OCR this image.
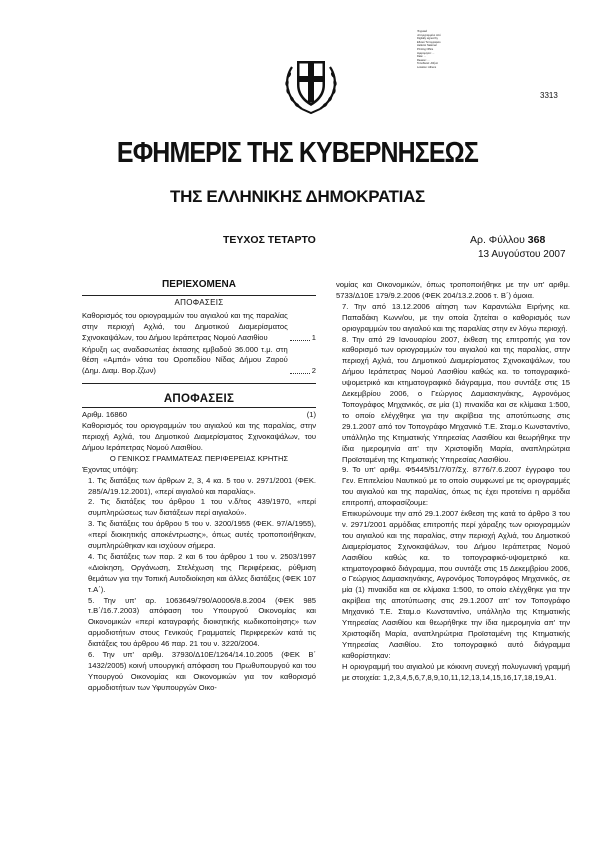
Ψηφιακά
υπογεγραμμένο από
Digitally signed by
Εθνικό Τυπογραφείο
Hellenic National
Printing Office
Ημερομηνία: ...
Date: ...
Reason: ...
Τοποθεσία: Αθήνα
Location: Athens
3313
ΕΦΗΜΕΡΙΣ ΤΗΣ ΚΥΒΕΡΝΗΣΕΩΣ
ΤΗΣ ΕΛΛΗΝΙΚΗΣ ΔΗΜΟΚΡΑΤΙΑΣ
ΤΕΥΧΟΣ ΤΕΤΑΡΤΟ	Αρ. Φύλλου 368
13 Αυγούστου 2007
ΠΕΡΙΕΧΟΜΕΝΑ
ΑΠΟΦΑΣΕΙΣ
Καθορισμός του οριογραμμών του αιγιαλού και της παραλίας στην περιοχή Αχλιά, του Δημοτικού Διαμερίσματος Σχινοκαψάλων, του Δήμου Ιεράπετρας Νομού Λασιθίου	1
Κήρυξη ως αναδασωτέας έκτασης εμβαδού 36.000 τ.μ. στη θέση «Αμπά» νότια του Οροπεδίου Νίδας Δήμου Ζαρού (Δημ. Διαμ. Βορ.ζζων)	2
ΑΠΟΦΑΣΕΙΣ
Αριθμ. 16860	(1)

Καθορισμός του οριογραμμών του αιγιαλού και της παραλίας, στην περιοχή Αχλιά, του Δημοτικού Διαμερίσματος Σχινοκαψάλων, του Δήμου Ιεράπετρας Νομού Λασιθίου.

Ο ΓΕΝΙΚΟΣ ΓΡΑΜΜΑΤΕΑΣ ΠΕΡΙΦΕΡΕΙΑΣ ΚΡΗΤΗΣ

Έχοντας υπόψη:

1. Τις διατάξεις των άρθρων 2, 3, 4 κα. 5 του ν. 2971/2001 (ΦΕΚ. 285/Α/19.12.2001), «περί αιγιαλού και παραλίας».

2. Τις διατάξεις του άρθρου 1 του ν.δ/τος 439/1970, «περί συμπληρώσεως των διατάξεων περί αιγιαλού».

3. Τις διατάξεις του άρθρου 5 του ν. 3200/1955 (ΦΕΚ. 97/Α/1955), «περί διοικητικής αποκέντρωσης», όπως αυτές τροποποιήθηκαν, συμπληρώθηκαν και ισχύουν σήμερα.

4. Τις διατάξεις των παρ. 2 και 6 του άρθρου 1 του ν. 2503/1997 «Διοίκηση, Οργάνωση, Στελέχωση της Περιφέρειας, ρύθμιση θεμάτων για την Τοπική Αυτοδιοίκηση και άλλες διατάξεις (ΦΕΚ 107 τ.Α΄).

5. Την υπ' αρ. 1063649/790/Α0006/8.8.2004 (ΦΕΚ 985 τ.Β΄/16.7.2003) απόφαση του Υπουργού Οικονομίας και Οικονομικών «περί καταγραφής διοικητικής κωδικοποίησης» των αρμοδιοτήτων στους Γενικούς Γραμματείς Περιφερειών κατά τις διατάξεις του άρθρου 46 παρ. 21 του ν. 3220/2004.

6. Την υπ' αριθμ. 37930/Δ10Ε/1264/14.10.2005 (ΦΕΚ Β΄ 1432/2005) κοινή υπουργική απόφαση του Πρωθυπουργού και του Υπουργού Οικονομίας και Οικονομικών για τον καθορισμό αρμοδιοτήτων των Υφυπουργών Οικο-

νομίας και Οικονομικών, όπως τροποποιήθηκε με την υπ' αριθμ. 5733/Δ10Ε 179/9.2.2006 (ΦΕΚ 204/13.2.2006 τ. Β΄) όμοια.

7. Την από 13.12.2006 αίτηση των Καραντώλα Ειρήνης κα. Παπαδάκη Κωνν/ου, με την οποία ζητείται ο καθορισμός των οριογραμμών του αιγιαλού και της παραλίας στην εν λόγω περιοχή.

8. Την από 29 Ιανουαρίου 2007, έκθεση της επιτροπής για τον καθορισμό των οριογραμμών του αιγιαλού και της παραλίας, στην περιοχή Αχλιά, του Δημοτικού Διαμερίσματος Σχινοκαψάλων, του Δήμου Ιεράπετρας Νομού Λασιθίου καθώς κα. το τοπογραφικό-υψομετρικό και κτηματογραφικό διάγραμμα, που συντάξε στις 15 Δεκεμβρίου 2006, ο Γεώργιος Δαμασκηνάκης, Αγρονόμος Τοπογράφος Μηχανικός, σε μία (1) πινακίδα και σε κλίμακα 1:500, το οποίο ελέγχθηκε για την ακρίβεια της αποτύπωσης στις 29.1.2007 από τον Τοπογράφο Μηχανικό Τ.Ε. Σταμ.ο Κωνσταντίνο, υπάλληλο της Κτηματικής Υπηρεσίας Λασιθίου και θεωρήθηκε την ίδια ημερομηνία απ' την Χριστοφίδη Μαρία, αναπληρώτρια Προϊσταμένη της Κτηματικής Υπηρεσίας Λασιθίου.

9. Το υπ' αριθμ. Φ5445/51/7/07/Σχ. 8776/7.6.2007 έγγραφο του Γεν. Επιτελείου Ναυτικού με το οποίο συμφωνεί με τις οριογραμμές του αιγιαλού και της παραλίας, όπως τις έχει προτείνει η αρμόδια επιτροπή, αποφασίζουμε:

Επικυρώνουμε την από 29.1.2007 έκθεση της κατά το άρθρο 3 του ν. 2971/2001 αρμόδιας επιτροπής περί χάραξης των οριογραμμών του αιγιαλού και της παραλίας, στην περιοχή Αχλιά, του Δημοτικού Διαμερίσματος Σχινοκαψάλων, του Δήμου Ιεράπετρας Νομού Λασιθίου καθώς κα. το τοπογραφικό-υψομετρικό κα. κτηματογραφικό διάγραμμα, που συντάξε στις 15 Δεκεμβρίου 2006, ο Γεώργιος Δαμασκηνάκης, Αγρονόμος Τοπογράφος Μηχανικός, σε μία (1) πινακίδα και σε κλίμακα 1:500, το οποίο ελέγχθηκε για την ακρίβεια της αποτύπωσης στις 29.1.2007 απ' τον Τοπογράφο Μηχανικό Τ.Ε. Σταμ.ο Κωνσταντίνο, υπάλληλο της Κτηματικής Υπηρεσίας Λασιθίου και θεωρήθηκε την ίδια ημερομηνία απ' την Χριστοφίδη Μαρία, αναπληρώτρια Προϊσταμένη της Κτηματικής Υπηρεσίας Λασιθίου. Στο τοπογραφικό αυτό διάγραμμα καθορίστηκαν:

Η οριογραμμή του αιγιαλού με κόκκινη συνεχή πολυγωνική γραμμή με στοιχεία: 1,2,3,4,5,6,7,8,9,10,11,12,13,14,15,16,17,18,19,Α1.
